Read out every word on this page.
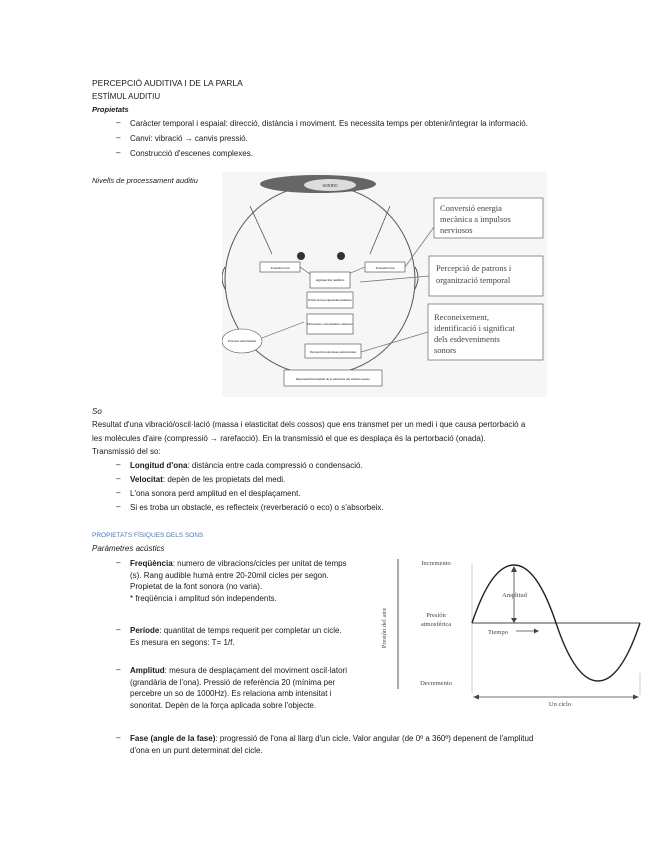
PERCEPCIÓ AUDITIVA I DE LA PARLA
ESTÍMUL AUDITIU
Propietats
– Caràcter temporal i espaial: direcció, distància i moviment. Es necessita temps per obtenir/integrar la informació.
– Canvi: vibració → canvis pressió.
– Construcció d'escenes complexes.
Nivells de processament auditiu
SONIDO
Transducción	Transducción
Agrupación auditiva
Extracción propiedades/atributos
Estructuras conocimiento abstracto
Percepción relaciones estructurales
Representación mental de la estructura del entorno sonoro
Procesos atencionales
Conversió energia mecànica a impulsos nerviosos
Percepció de patrons i organització temporal
Reconeixement, identificació i significat dels esdeveniments sonors
So
Resultat d'una vibració/oscil·lació (massa i elasticitat dels cossos) que ens transmet per un medi i que causa pertorbació a
les molècules d'aire (compressió → rarefacció). En la transmissió el que es desplaça és la pertorbació (onada).
Transmissió del so:
– Longitud d'ona: distància entre cada compressió o condensació.
– Velocitat: depèn de les propietats del medi.
– L'ona sonora perd amplitud en el desplaçament.
– Si es troba un obstacle, es reflecteix (reverberació o eco) o s'absorbeix.
PROPIETATS FÍSIQUES DELS SONS
Paràmetres acústics
– Freqüència: numero de vibracions/cicles per unitat de temps
(s). Rang audible humà entre 20-20mil cicles per segon.
Propietat de la font sonora (no varia).
* freqüència i amplitud són independents.
– Període: quantitat de temps requerit per completar un cicle.
Es mesura en segons: T= 1/f.
– Amplitud: mesura de desplaçament del moviment oscil·latori
(grandària de l'ona). Pressió de referència 20 (mínima per
percebre un so de 1000Hz). Es relaciona amb intensitat i
sonoritat. Depèn de la força aplicada sobre l'objecte.
– Fase (angle de la fase): progressió de l'ona al llarg d'un cicle. Valor angular (de 0º a 360º) depenent de l'amplitud
d'ona en un punt determinat del cicle.
Incremento
Decremento
Presión
atmosférica
Amplitud
Tiempo
Un ciclo
Presión del aire
